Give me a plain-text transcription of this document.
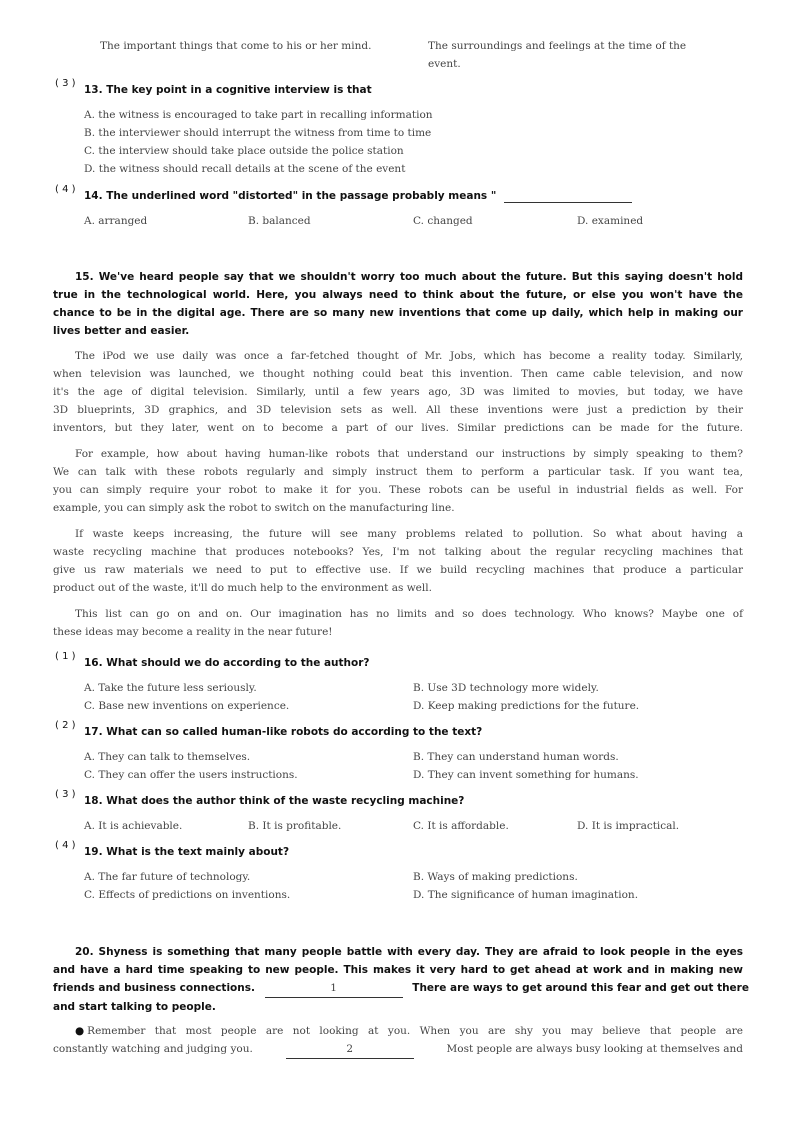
The important things that come to his or her mind.	The surroundings and feelings at the time of the
event.
( 3 )
13. The key point in a cognitive interview is that
A. the witness is encouraged to take part in recalling information
B. the interviewer should interrupt the witness from time to time
C. the interview should take place outside the police station
D. the witness should recall details at the scene of the event
( 4 )
14. The underlined word "distorted" in the passage probably means "
A. arranged	B. balanced	C. changed	D. examined
15. We've heard people say that we shouldn't worry too much about the future. But this saying doesn't hold
true in the technological world. Here, you always need to think about the future, or else you won't have the
chance to be in the digital age. There are so many new inventions that come up daily, which help in making our
lives better and easier.
The iPod we use daily was once a far-fetched thought of Mr. Jobs, which has become a reality today. Similarly,
when television was launched, we thought nothing could beat this invention. Then came cable television, and now
it's the age of digital television. Similarly, until a few years ago, 3D was limited to movies, but today, we have
3D blueprints, 3D graphics, and 3D television sets as well. All these inventions were just a prediction by their
inventors, but they later, went on to become a part of our lives. Similar predictions can be made for the future.
For example, how about having human-like robots that understand our instructions by simply speaking to them?
We can talk with these robots regularly and simply instruct them to perform a particular task. If you want tea,
you can simply require your robot to make it for you. These robots can be useful in industrial fields as well. For
example, you can simply ask the robot to switch on the manufacturing line.
If waste keeps increasing, the future will see many problems related to pollution. So what about having a
waste recycling machine that produces notebooks? Yes, I'm not talking about the regular recycling machines that
give us raw materials we need to put to effective use. If we build recycling machines that produce a particular
product out of the waste, it'll do much help to the environment as well.
This list can go on and on. Our imagination has no limits and so does technology. Who knows? Maybe one of
these ideas may become a reality in the near future!
( 1 )
16. What should we do according to the author?
A. Take the future less seriously.	B. Use 3D technology more widely.
C. Base new inventions on experience.	D. Keep making predictions for the future.
( 2 )
17. What can so called human-like robots do according to the text?
A. They can talk to themselves.	B. They can understand human words.
C. They can offer the users instructions.	D. They can invent something for humans.
( 3 )
18. What does the author think of the waste recycling machine?
A. It is achievable.	B. It is profitable.	C. It is affordable.	D. It is impractical.
( 4 )
19. What is the text mainly about?
A. The far future of technology.	B. Ways of making predictions.
C. Effects of predictions on inventions.	D. The significance of human imagination.
20. Shyness is something that many people battle with every day. They are afraid to look people in the eyes
and have a hard time speaking to new people. This makes it very hard to get ahead at work and in making new
friends and business connections.	1	There are ways to get around this fear and get out there
and start talking to people.
● Remember that most people are not looking at you. When you are shy you may believe that people are
constantly watching and judging you.	2	Most people are always busy looking at themselves and
